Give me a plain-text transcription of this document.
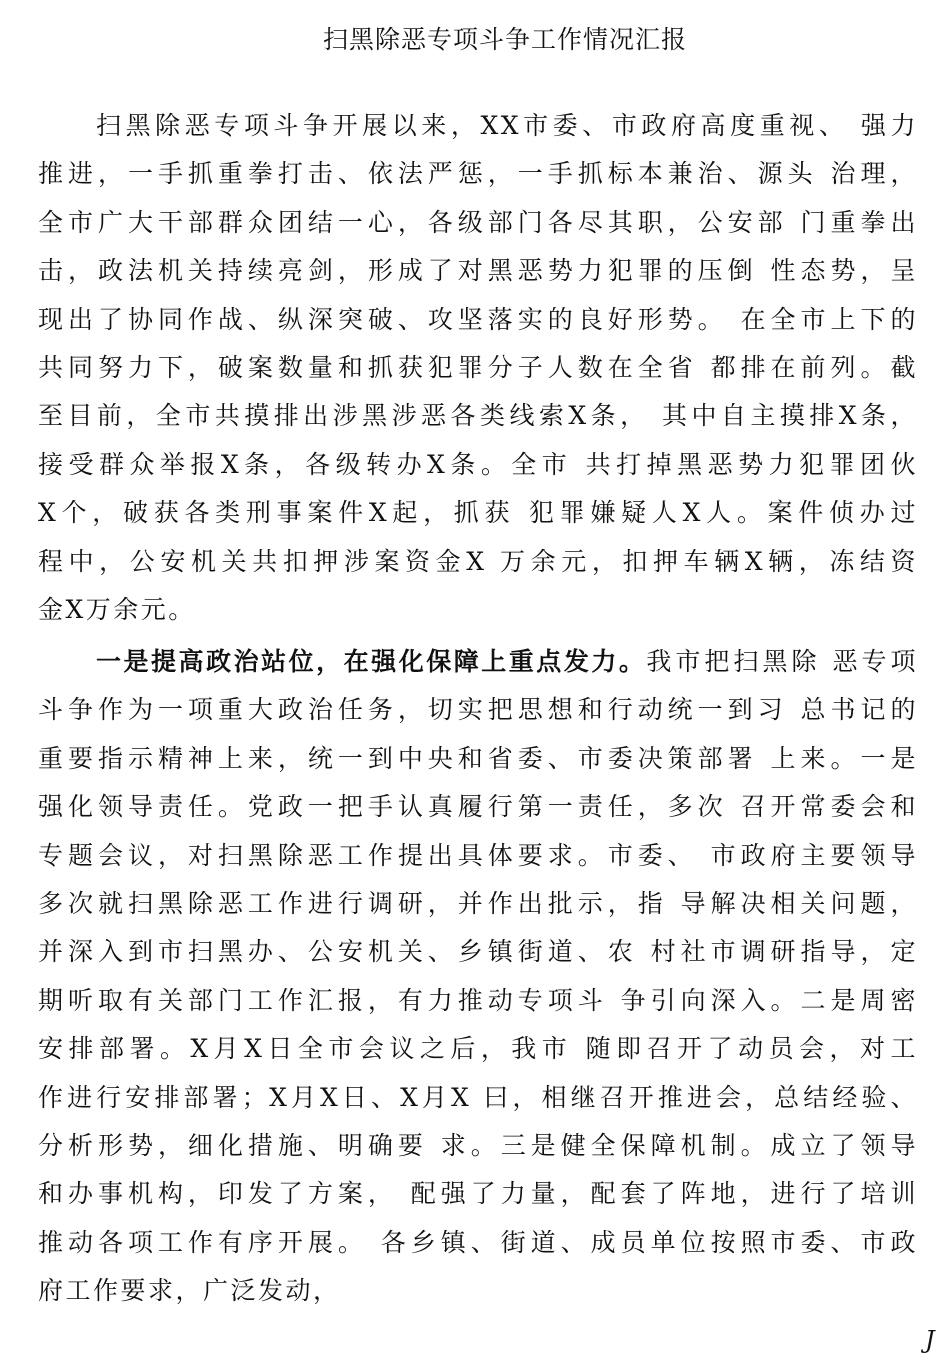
扫黑除恶专项斗争工作情况汇报
扫黑除恶专项斗争开展以来，XX市委、市政府高度重视、 强力
推进，一手抓重拳打击、依法严惩，一手抓标本兼治、源头 治理，
全市广大干部群众团结一心，各级部门各尽其职，公安部 门重拳出
击，政法机关持续亮剑，形成了对黑恶势力犯罪的压倒 性态势，呈
现出了协同作战、纵深突破、攻坚落实的良好形势。 在全市上下的
共同努力下，破案数量和抓获犯罪分子人数在全省 都排在前列。截
至目前，全市共摸排出涉黑涉恶各类线索X条， 其中自主摸排X条，
接受群众举报X条，各级转办X条。全市 共打掉黑恶势力犯罪团伙
X个，破获各类刑事案件X起，抓获 犯罪嫌疑人X人。案件侦办过
程中，公安机关共扣押涉案资金X 万余元，扣押车辆X辆，冻结资
金X万余元。
一是提高政治站位，在强化保障上重点发力。我市把扫黑除 恶专项
斗争作为一项重大政治任务，切实把思想和行动统一到习 总书记的
重要指示精神上来，统一到中央和省委、市委决策部署 上来。一是
强化领导责任。党政一把手认真履行第一责任，多次 召开常委会和
专题会议，对扫黑除恶工作提出具体要求。市委、 市政府主要领导
多次就扫黑除恶工作进行调研，并作出批示，指 导解决相关问题，
并深入到市扫黑办、公安机关、乡镇街道、农 村社市调研指导，定
期听取有关部门工作汇报，有力推动专项斗 争引向深入。二是周密
安排部署。X月X日全市会议之后，我市 随即召开了动员会，对工
作进行安排部署；X月X日、X月X 曰，相继召开推进会，总结经验、
分析形势，细化措施、明确要 求。三是健全保障机制。成立了领导
和办事机构，印发了方案， 配强了力量，配套了阵地，进行了培训
推动各项工作有序开展。 各乡镇、街道、成员单位按照市委、市政
府工作要求，广泛发动，
J
